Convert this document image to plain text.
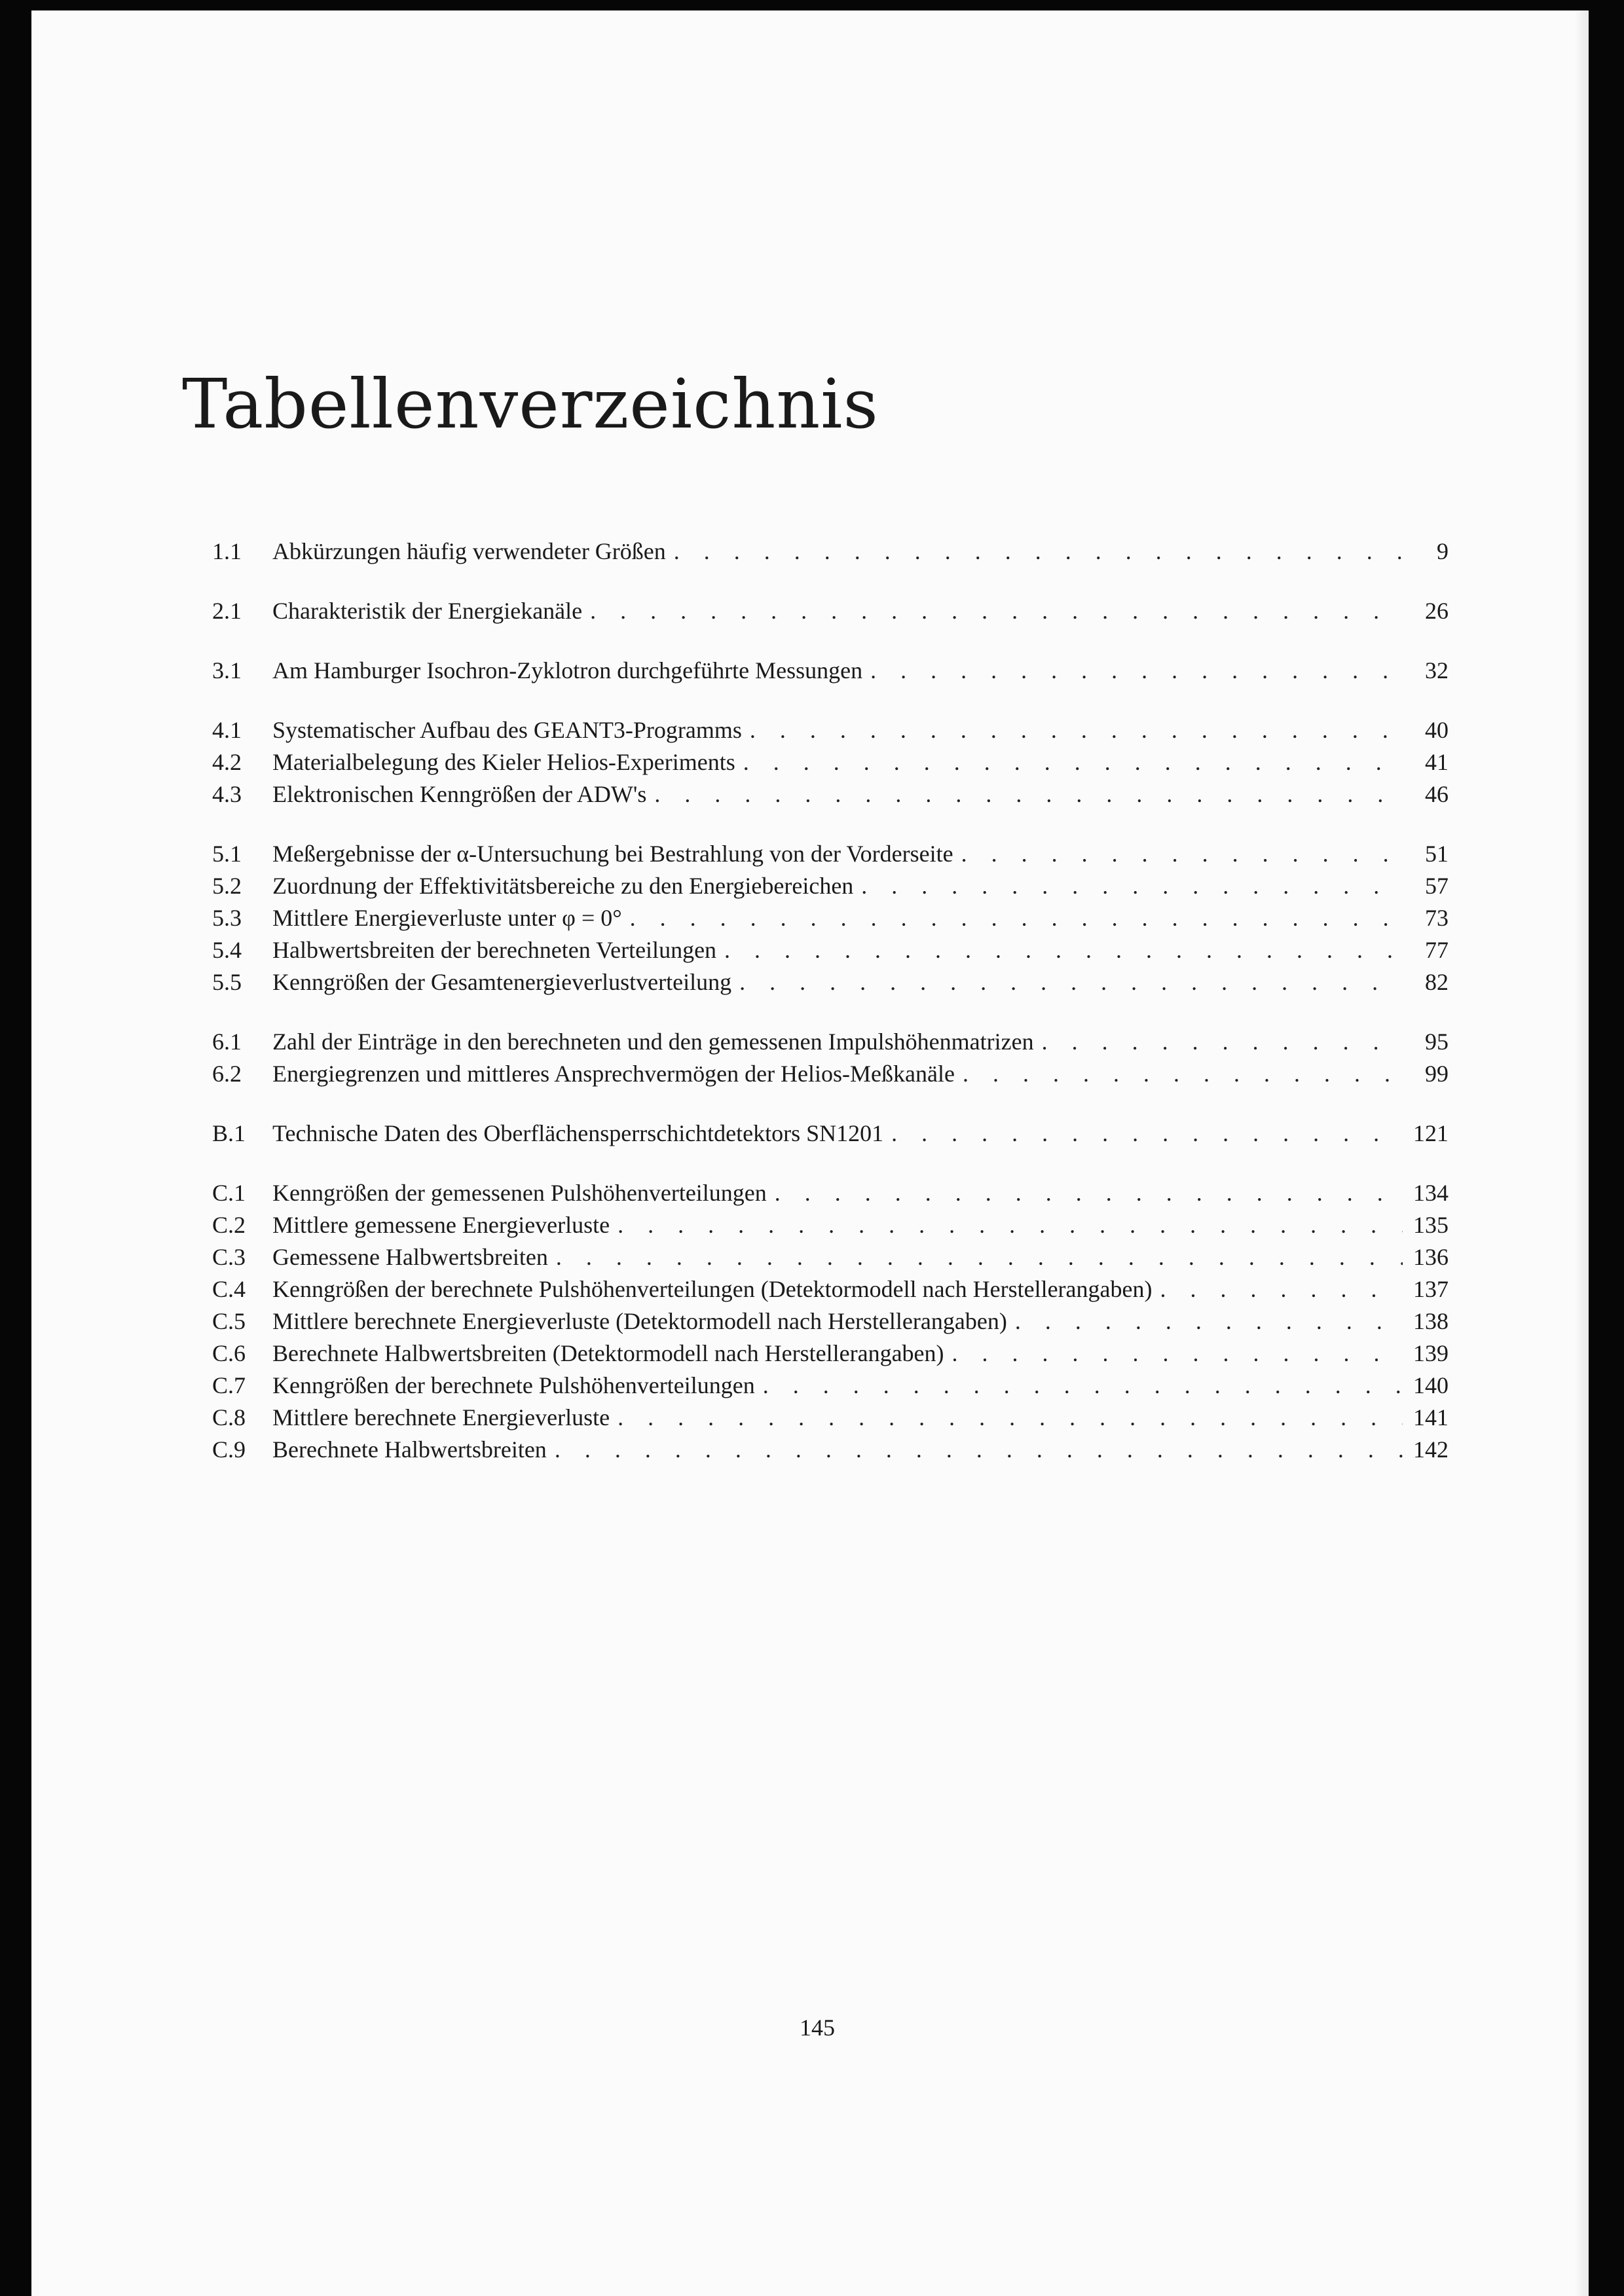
Tabellenverzeichnis
1.1	Abkürzungen häufig verwendeter Größen . . .	9
2.1	Charakteristik der Energiekanäle . . .	26
3.1	Am Hamburger Isochron-Zyklotron durchgeführte Messungen . . .	32
4.1	Systematischer Aufbau des GEANT3-Programms . . .	40
4.2	Materialbelegung des Kieler Helios-Experiments . . .	41
4.3	Elektronischen Kenngrößen der ADW's . . .	46
5.1	Meßergebnisse der α-Untersuchung bei Bestrahlung von der Vorderseite . . .	51
5.2	Zuordnung der Effektivitätsbereiche zu den Energiebereichen . . .	57
5.3	Mittlere Energieverluste unter φ = 0° . . .	73
5.4	Halbwertsbreiten der berechneten Verteilungen . . .	77
5.5	Kenngrößen der Gesamtenergieverlustverteilung . . .	82
6.1	Zahl der Einträge in den berechneten und den gemessenen Impulshöhenmatrizen . . .	95
6.2	Energiegrenzen und mittleres Ansprechvermögen der Helios-Meßkanäle . . .	99
B.1	Technische Daten des Oberflächensperrschichtdetektors SN1201 . . .	121
C.1	Kenngrößen der gemessenen Pulshöhenverteilungen . . .	134
C.2	Mittlere gemessene Energieverluste . . .	135
C.3	Gemessene Halbwertsbreiten . . .	136
C.4	Kenngrößen der berechnete Pulshöhenverteilungen (Detektormodell nach Herstellerangaben) . . .	137
C.5	Mittlere berechnete Energieverluste (Detektormodell nach Herstellerangaben) . . .	138
C.6	Berechnete Halbwertsbreiten (Detektormodell nach Herstellerangaben) . . .	139
C.7	Kenngrößen der berechnete Pulshöhenverteilungen . . .	140
C.8	Mittlere berechnete Energieverluste . . .	141
C.9	Berechnete Halbwertsbreiten . . .	142
145
